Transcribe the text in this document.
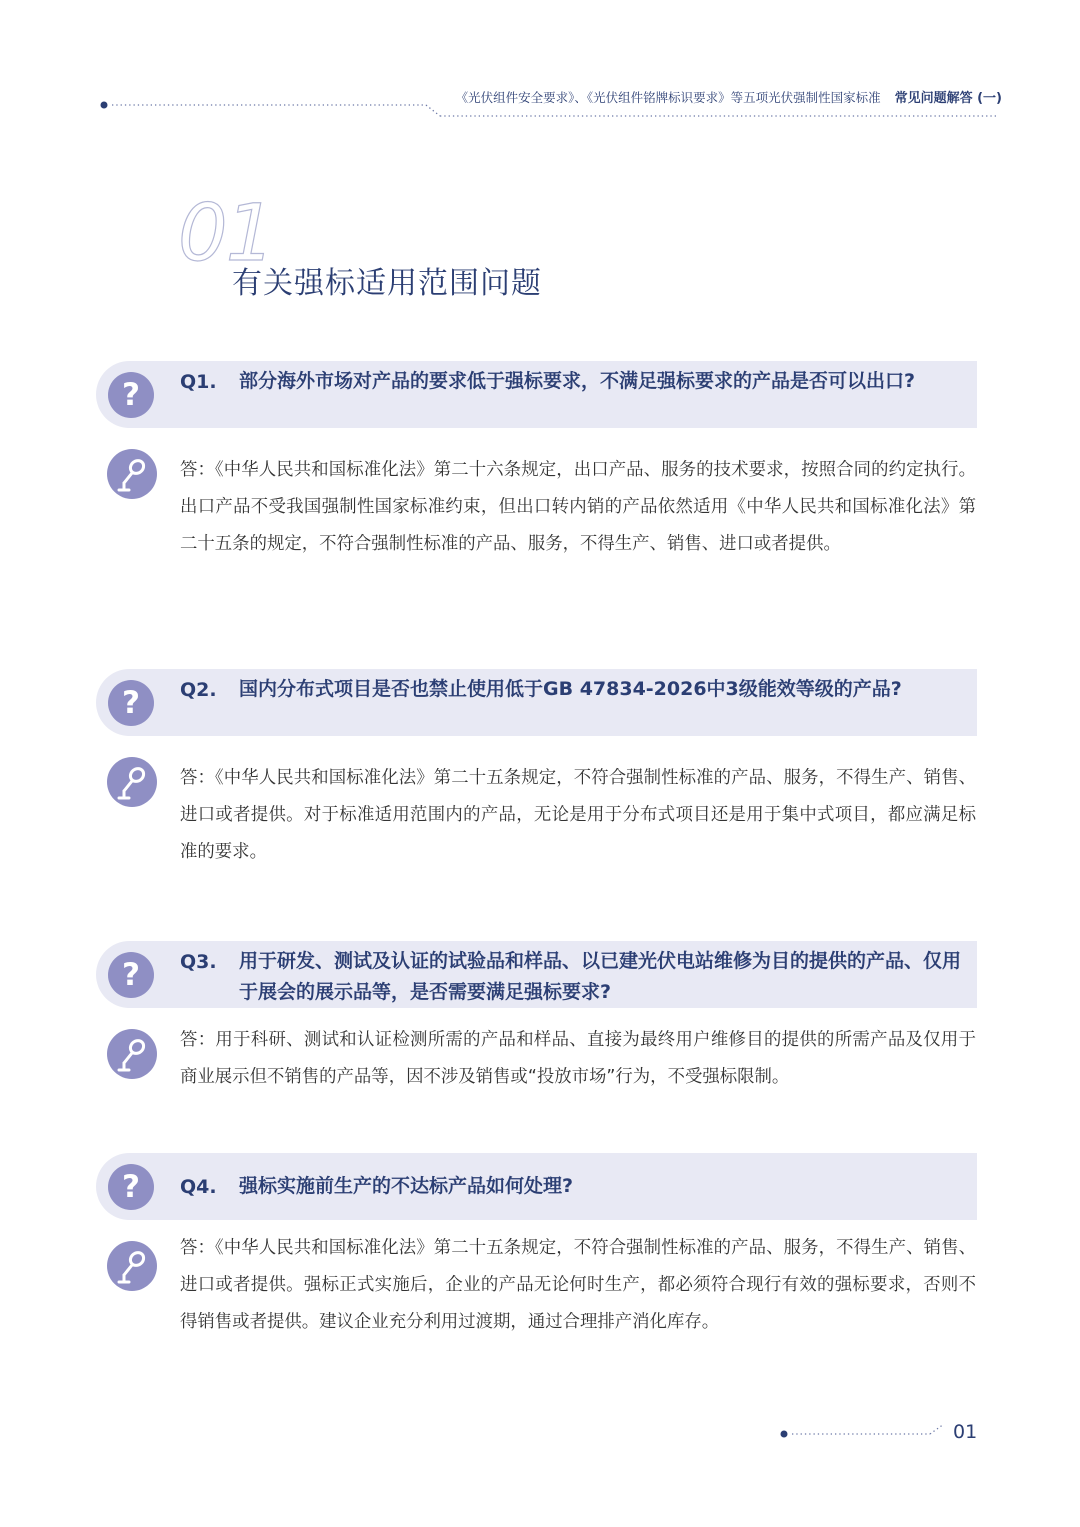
《光伏组件安全要求》、《光伏组件铭牌标识要求》等五项光伏强制性国家标准 常见问题解答 (一)
01
有关强标适用范围问题
?	Q1. 部分海外市场对产品的要求低于强标要求，不满足强标要求的产品是否可以出口?
答：《中华人民共和国标准化法》第二十六条规定，出口产品、服务的技术要求，按照合同的约定执行。出口产品不受我国强制性国家标准约束，但出口转内销的产品依然适用《中华人民共和国标准化法》第二十五条的规定，不符合强制性标准的产品、服务，不得生产、销售、进口或者提供。
?	Q2. 国内分布式项目是否也禁止使用低于GB 47834-2026中3级能效等级的产品?
答：《中华人民共和国标准化法》第二十五条规定，不符合强制性标准的产品、服务，不得生产、销售、进口或者提供。对于标准适用范围内的产品，无论是用于分布式项目还是用于集中式项目，都应满足标准的要求。
?	Q3. 用于研发、测试及认证的试验品和样品、以已建光伏电站维修为目的提供的产品、仅用于展会的展示品等，是否需要满足强标要求?
答：用于科研、测试和认证检测所需的产品和样品、直接为最终用户维修目的提供的所需产品及仅用于商业展示但不销售的产品等，因不涉及销售或“投放市场”行为，不受强标限制。
?	Q4. 强标实施前生产的不达标产品如何处理?
答：《中华人民共和国标准化法》第二十五条规定，不符合强制性标准的产品、服务，不得生产、销售、进口或者提供。强标正式实施后，企业的产品无论何时生产，都必须符合现行有效的强标要求，否则不得销售或者提供。建议企业充分利用过渡期，通过合理排产消化库存。
01
